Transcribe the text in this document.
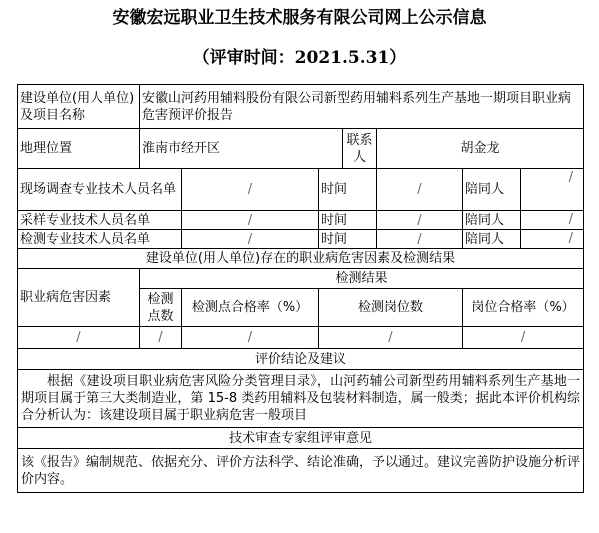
安徽宏远职业卫生技术服务有限公司网上公示信息
（评审时间：2021.5.31）
建设单位(用人单位)及项目名称	安徽山河药用辅料股份有限公司新型药用辅料系列生产基地一期项目职业病危害预评价报告						
地理位置	淮南市经开区			联系人	胡金龙		
现场调查专业技术人员名单		/	时间		/	陪同人	/
采样专业技术人员名单		/	时间		/	陪同人	/
检测专业技术人员名单		/	时间		/	陪同人	/
建设单位(用人单位)存在的职业病危害因素及检测结果							
职业病危害因素	检测结果						
	检测点数	检测点合格率（%）	检测岗位数			岗位合格率（%）	
/	/	/	/			/	
评价结论及建议							
根据《建设项目职业病危害风险分类管理目录》，山河药辅公司新型药用辅料系列生产基地一期项目属于第三大类制造业，第 15-8 类药用辅料及包装材料制造，属一般类；据此本评价机构综合分析认为：该建设项目属于职业病危害一般项目							
技术审查专家组评审意见							
该《报告》编制规范、依据充分、评价方法科学、结论准确，予以通过。建议完善防护设施分析评价内容。							
